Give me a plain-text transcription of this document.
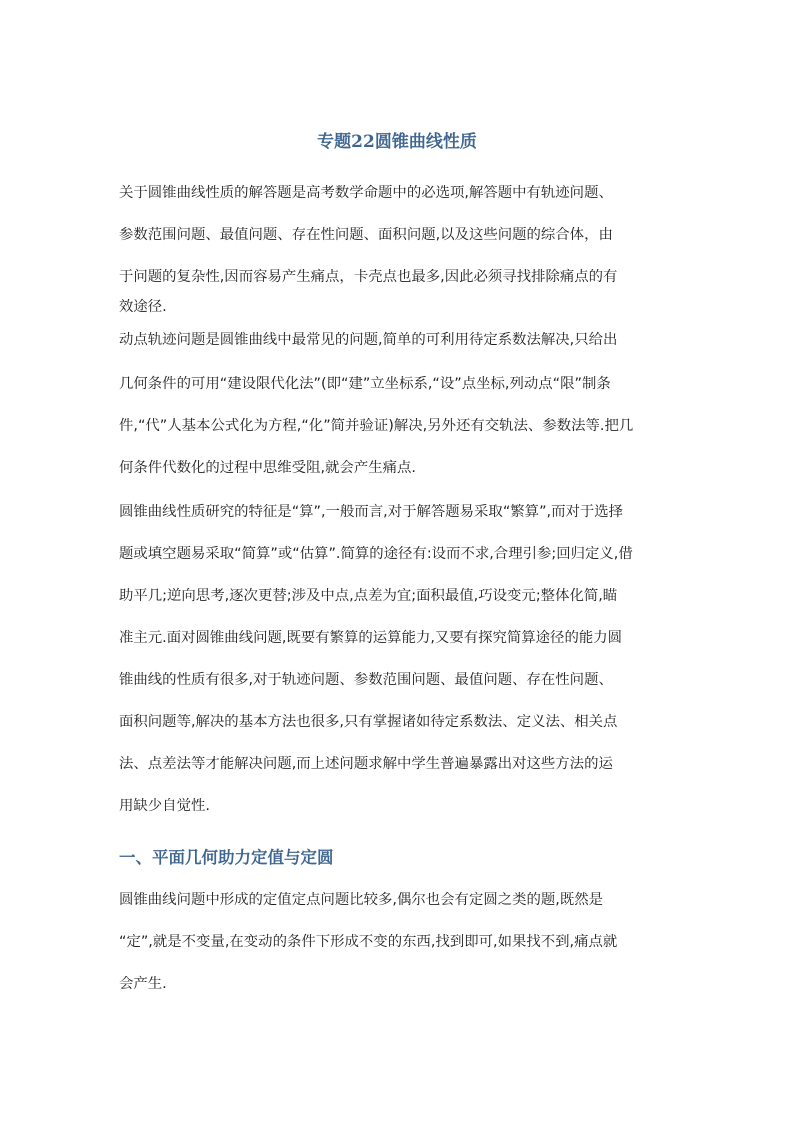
专题22圆锥曲线性质

关于圆锥曲线性质的解答题是高考数学命题中的必选项,解答题中有轨迹问题、

参数范围问题、最值问题、存在性问题、面积问题,以及这些问题的综合体，由

于问题的复杂性,因而容易产生痛点，卡壳点也最多,因此必须寻找排除痛点的有

效途径.

动点轨迹问题是圆锥曲线中最常见的问题,简单的可利用待定系数法解决,只给出

几何条件的可用“建设限代化法”(即“建”立坐标系,“设”点坐标,列动点“限”制条

件,“代”人基本公式化为方程,“化”简并验证)解决,另外还有交轨法、参数法等.把几

何条件代数化的过程中思维受阻,就会产生痛点.

圆锥曲线性质研究的特征是“算”,一般而言,对于解答题易采取“繁算”,而对于选择

题或填空题易采取“简算”或“估算”.简算的途径有:设而不求,合理引参;回归定义,借

助平几;逆向思考,逐次更替;涉及中点,点差为宜;面积最值,巧设变元;整体化简,瞄

准主元.面对圆锥曲线问题,既要有繁算的运算能力,又要有探究简算途径的能力圆

锥曲线的性质有很多,对于轨迹问题、参数范围问题、最值问题、存在性问题、

面积问题等,解决的基本方法也很多,只有掌握诸如待定系数法、定义法、相关点

法、点差法等才能解决问题,而上述问题求解中学生普遍暴露出对这些方法的运

用缺少自觉性.

一、平面几何助力定值与定圆

圆锥曲线问题中形成的定值定点问题比较多,偶尔也会有定圆之类的题,既然是

“定”,就是不变量,在变动的条件下形成不变的东西,找到即可,如果找不到,痛点就

会产生.
